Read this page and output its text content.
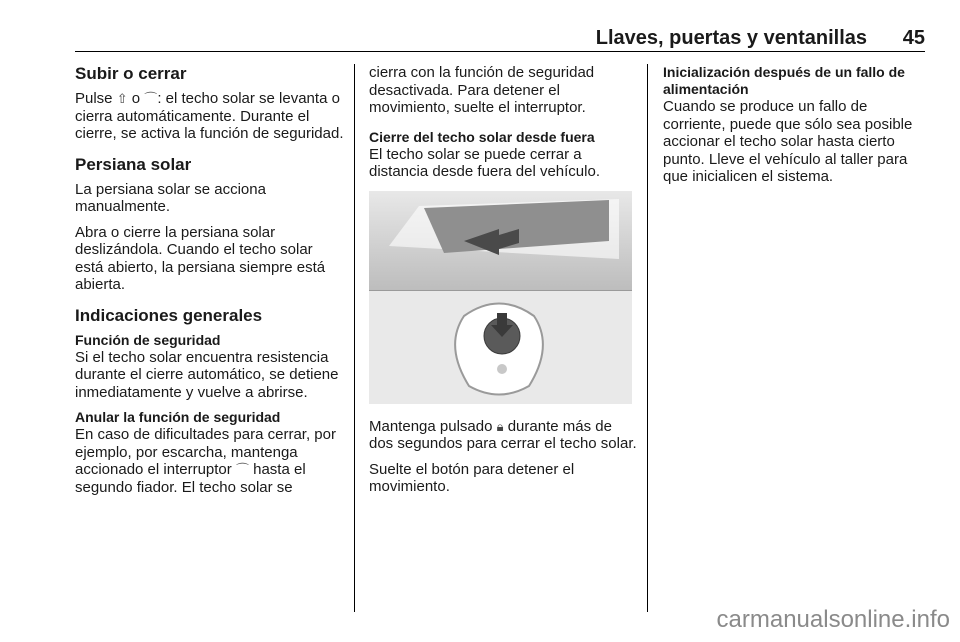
Llaves, puertas y ventanillas 45
Subir o cerrar

Pulse ⇧ o ⌒: el techo solar se levanta o cierra automáticamente. Durante el cierre, se activa la función de seguridad.

Persiana solar

La persiana solar se acciona manualmente.

Abra o cierre la persiana solar deslizándola. Cuando el techo solar está abierto, la persiana siempre está abierta.

Indicaciones generales
Función de seguridad

Si el techo solar encuentra resistencia durante el cierre automático, se detiene inmediatamente y vuelve a abrirse.

Anular la función de seguridad

En caso de dificultades para cerrar, por ejemplo, por escarcha, mantenga accionado el interruptor ⌒ hasta el segundo fiador. El techo solar se

cierra con la función de seguridad desactivada. Para detener el movimiento, suelte el interruptor.

Cierre del techo solar desde fuera

El techo solar se puede cerrar a distancia desde fuera del vehículo.

Mantenga pulsado 🔒︎ durante más de dos segundos para cerrar el techo solar.

Suelte el botón para detener el movimiento.

Inicialización después de un fallo de alimentación

Cuando se produce un fallo de corriente, puede que sólo sea posible accionar el techo solar hasta cierto punto. Lleve el vehículo al taller para que inicialicen el sistema.

carmanualsonline.info
